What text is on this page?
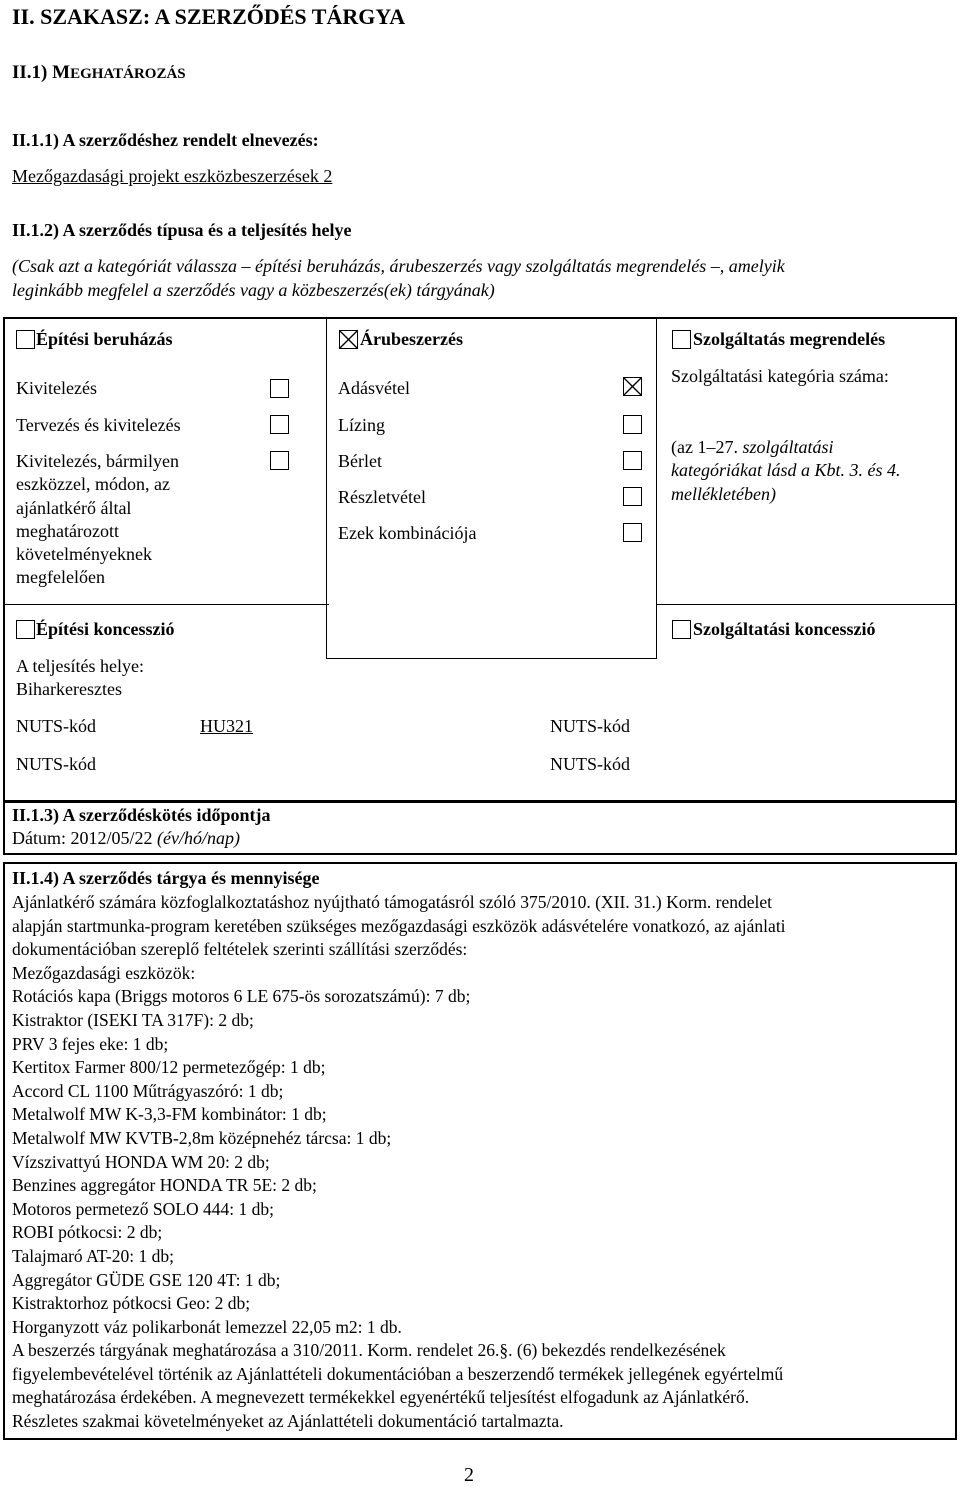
II. SZAKASZ: A SZERZŐDÉS TÁRGYA
II.1) MEGHATÁROZÁS
II.1.1) A szerződéshez rendelt elnevezés:
Mezőgazdasági projekt eszközbeszerzések 2
II.1.2) A szerződés típusa és a teljesítés helye
(Csak azt a kategóriát válassza – építési beruházás, árubeszerzés vagy szolgáltatás megrendelés –, amelyik
leginkább megfelel a szerződés vagy a közbeszerzés(ek) tárgyának)
Építési beruházás	Árubeszerzés	Szolgáltatás megrendelés
Kivitelezés
Tervezés és kivitelezés
Kivitelezés, bármilyen
eszközzel, módon, az
ajánlatkérő által
meghatározott
követelményeknek
megfelelően
Adásvétel
Lízing
Bérlet
Részletvétel
Ezek kombinációja
Szolgáltatási kategória száma:
(az 1–27. szolgáltatási
kategóriákat lásd a Kbt. 3. és 4.
mellékletében)
Építési koncesszió	Szolgáltatási koncesszió
A teljesítés helye:
Biharkeresztes
NUTS-kód	HU321	NUTS-kód
NUTS-kód	NUTS-kód
II.1.3) A szerződéskötés időpontja
Dátum: 2012/05/22 (év/hó/nap)
II.1.4) A szerződés tárgya és mennyisége
Ajánlatkérő számára közfoglalkoztatáshoz nyújtható támogatásról szóló 375/2010. (XII. 31.) Korm. rendelet
alapján startmunka-program keretében szükséges mezőgazdasági eszközök adásvételére vonatkozó, az ajánlati
dokumentációban szereplő feltételek szerinti szállítási szerződés:
Mezőgazdasági eszközök:
Rotációs kapa (Briggs motoros 6 LE 675-ös sorozatszámú): 7 db;
Kistraktor (ISEKI TA 317F): 2 db;
PRV 3 fejes eke: 1 db;
Kertitox Farmer 800/12 permetezőgép: 1 db;
Accord CL 1100 Műtrágyaszóró: 1 db;
Metalwolf MW K-3,3-FM kombinátor: 1 db;
Metalwolf MW KVTB-2,8m középnehéz tárcsa: 1 db;
Vízszivattyú HONDA WM 20: 2 db;
Benzines aggregátor HONDA TR 5E: 2 db;
Motoros permetező SOLO 444: 1 db;
ROBI pótkocsi: 2 db;
Talajmaró AT-20: 1 db;
Aggregátor GÜDE GSE 120 4T: 1 db;
Kistraktorhoz pótkocsi Geo: 2 db;
Horganyzott váz polikarbonát lemezzel 22,05 m2: 1 db.
A beszerzés tárgyának meghatározása a 310/2011. Korm. rendelet 26.§. (6) bekezdés rendelkezésének
figyelembevételével történik az Ajánlattételi dokumentációban a beszerzendő termékek jellegének egyértelmű
meghatározása érdekében. A megnevezett termékekkel egyenértékű teljesítést elfogadunk az Ajánlatkérő.
Részletes szakmai követelményeket az Ajánlattételi dokumentáció tartalmazta.
2
